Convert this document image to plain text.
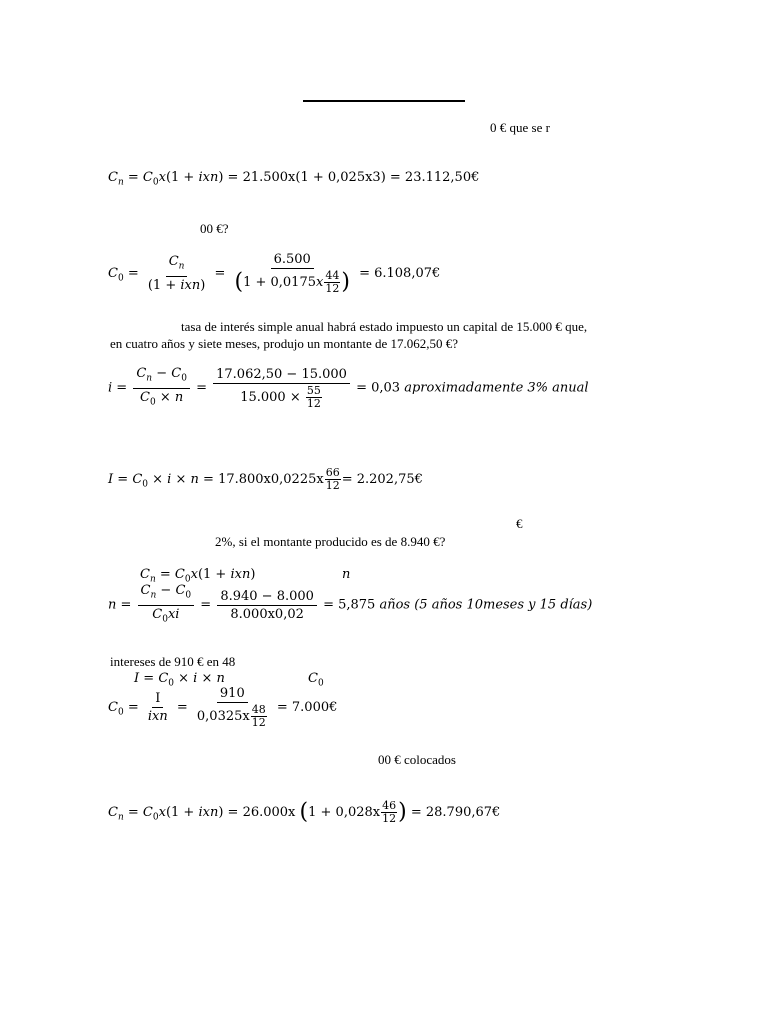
0 € que se r
$C_n = C_0x(1 + ixn) = 21.500x(1 + 0,025x3)$ = 23.112,50€
00 €?
$C_0 = \frac{C_n}{\text{(1 + ixn)}} = \frac{6.500}{(1 + 0,0175x \frac{44}{12} )}$ = 6.108,07€
tasa de interés simple anual habrá estado impuesto un capital de 15.000 € que,
en cuatro años y siete meses, produjo un montante de 17.062,50 €?
$i = \frac{C_n - C_0}{C_0 \times n} = \frac{17.062,50 - 15.000}{15.000 \times \frac{55}{12}} = 0,03$ aproximadamente 3% anual
$I = C_0 \times i \times n = 17.800x0,0225x \frac{66}{12}$ = 2.202,75€
€
2%, si el montante producido es de 8.940 €?
$C_n = C_0x(1 + ixn)$	n
$n = \frac{C_n - C_0}{C_0xi} = \frac{8.940 - 8.000}{8.000x0,02} = 5,875$ años (5 años 10meses y 15 días)
intereses de 910 € en 48
$I = C_0 \times i \times n$	$C_0$
$C_0 = \frac{I}{\text{ixn}} = \frac{910}{0,0325x \frac{48}{12}}$ = 7.000€
00 € colocados
$C_n = C_0x(1 + ixn) = 26.000x$ ($1 + 0,028x \frac{46}{12}$ ) = 28.790,67€
